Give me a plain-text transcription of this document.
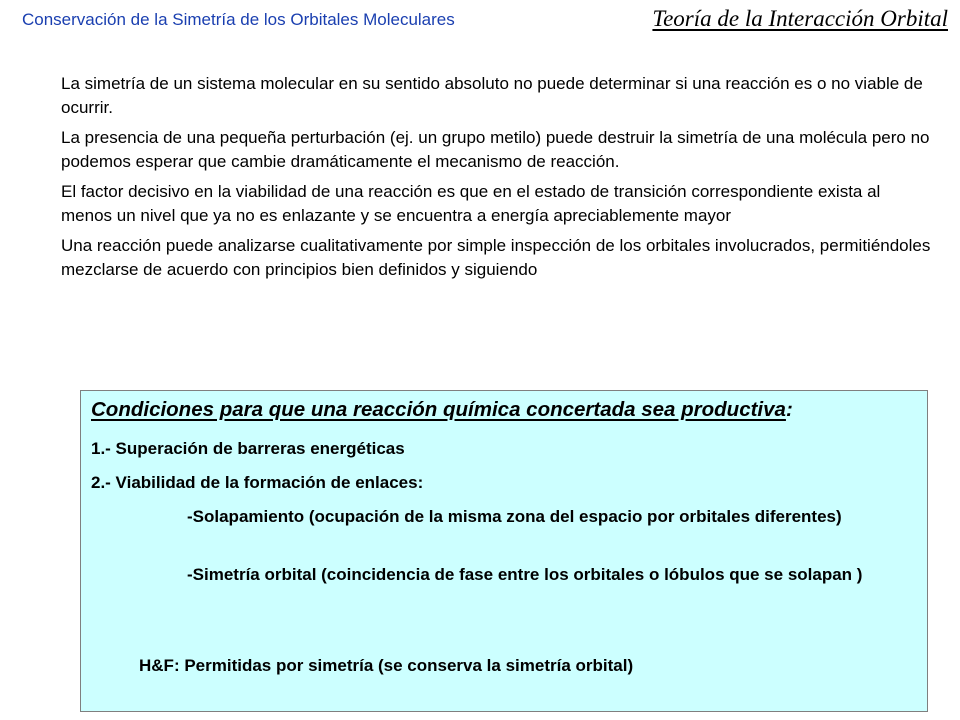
Conservación de la Simetría de los Orbitales Moleculares	Teoría de la Interacción Orbital

La simetría de un sistema molecular en su sentido absoluto no puede determinar si una reacción es o no viable de ocurrir.

La presencia de una pequeña perturbación (ej. un grupo metilo) puede destruir la simetría de una molécula pero no podemos esperar que cambie dramáticamente el mecanismo de reacción.

El factor decisivo en la viabilidad de una reacción es que en el estado de transición correspondiente exista al menos un nivel que ya no es enlazante y se encuentra a energía apreciablemente mayor

Una reacción puede analizarse cualitativamente por simple inspección de los orbitales involucrados, permitiéndoles mezclarse de acuerdo con principios bien definidos y siguiendo

Condiciones para que una reacción química concertada sea productiva:
1.- Superación de barreras energéticas
2.- Viabilidad de la formación de enlaces:
-Solapamiento (ocupación de la misma zona del espacio por orbitales diferentes)
-Simetría orbital (coincidencia de fase entre los orbitales o lóbulos que se solapan )
H&F: Permitidas por simetría (se conserva la simetría orbital)
